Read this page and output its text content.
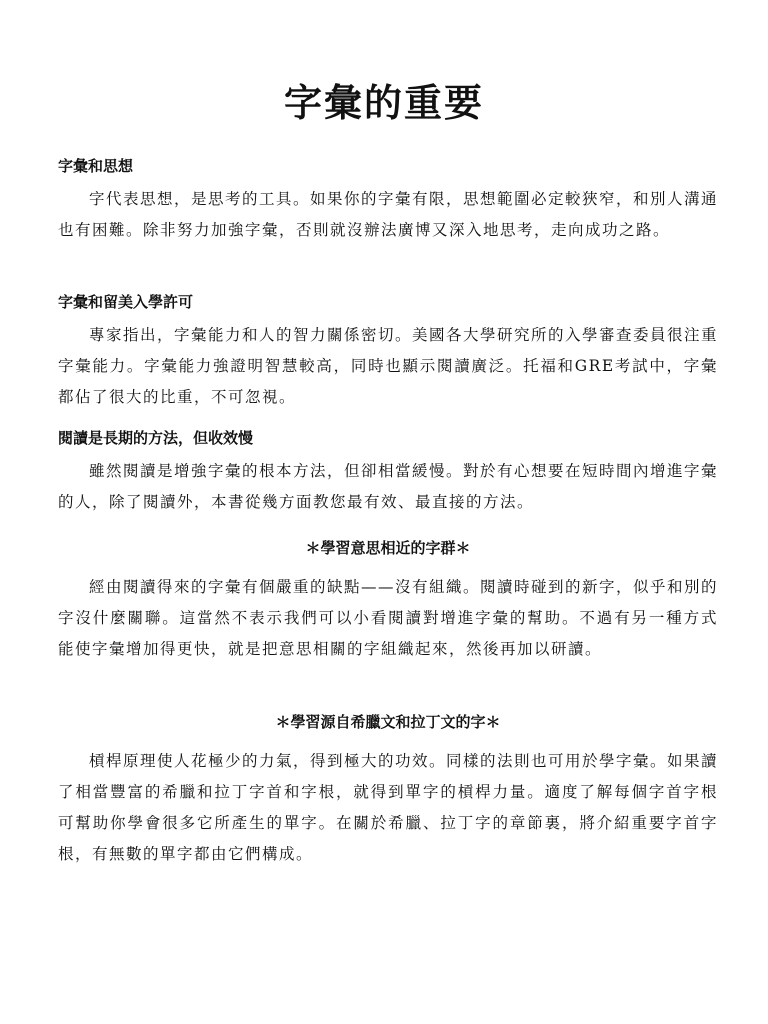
字彙的重要

字彙和思想

字代表思想，是思考的工具。如果你的字彙有限，思想範圍必定較狹窄，和別人溝通也有困難。除非努力加強字彙，否則就沒辦法廣博又深入地思考，走向成功之路。

字彙和留美入學許可

專家指出，字彙能力和人的智力關係密切。美國各大學研究所的入學審查委員很注重字彙能力。字彙能力強證明智慧較高，同時也顯示閱讀廣泛。托福和GRE考試中，字彙都佔了很大的比重，不可忽視。

閱讀是長期的方法，但收效慢

雖然閱讀是增強字彙的根本方法，但卻相當緩慢。對於有心想要在短時間內增進字彙的人，除了閱讀外，本書從幾方面教您最有效、最直接的方法。

＊學習意思相近的字群＊

經由閱讀得來的字彙有個嚴重的缺點——沒有組織。閱讀時碰到的新字，似乎和別的字沒什麼關聯。這當然不表示我們可以小看閱讀對增進字彙的幫助。不過有另一種方式能使字彙增加得更快，就是把意思相關的字組織起來，然後再加以研讀。

＊學習源自希臘文和拉丁文的字＊

槓桿原理使人花極少的力氣，得到極大的功效。同樣的法則也可用於學字彙。如果讀了相當豐富的希臘和拉丁字首和字根，就得到單字的槓桿力量。適度了解每個字首字根可幫助你學會很多它所產生的單字。在關於希臘、拉丁字的章節裏，將介紹重要字首字根，有無數的單字都由它們構成。
